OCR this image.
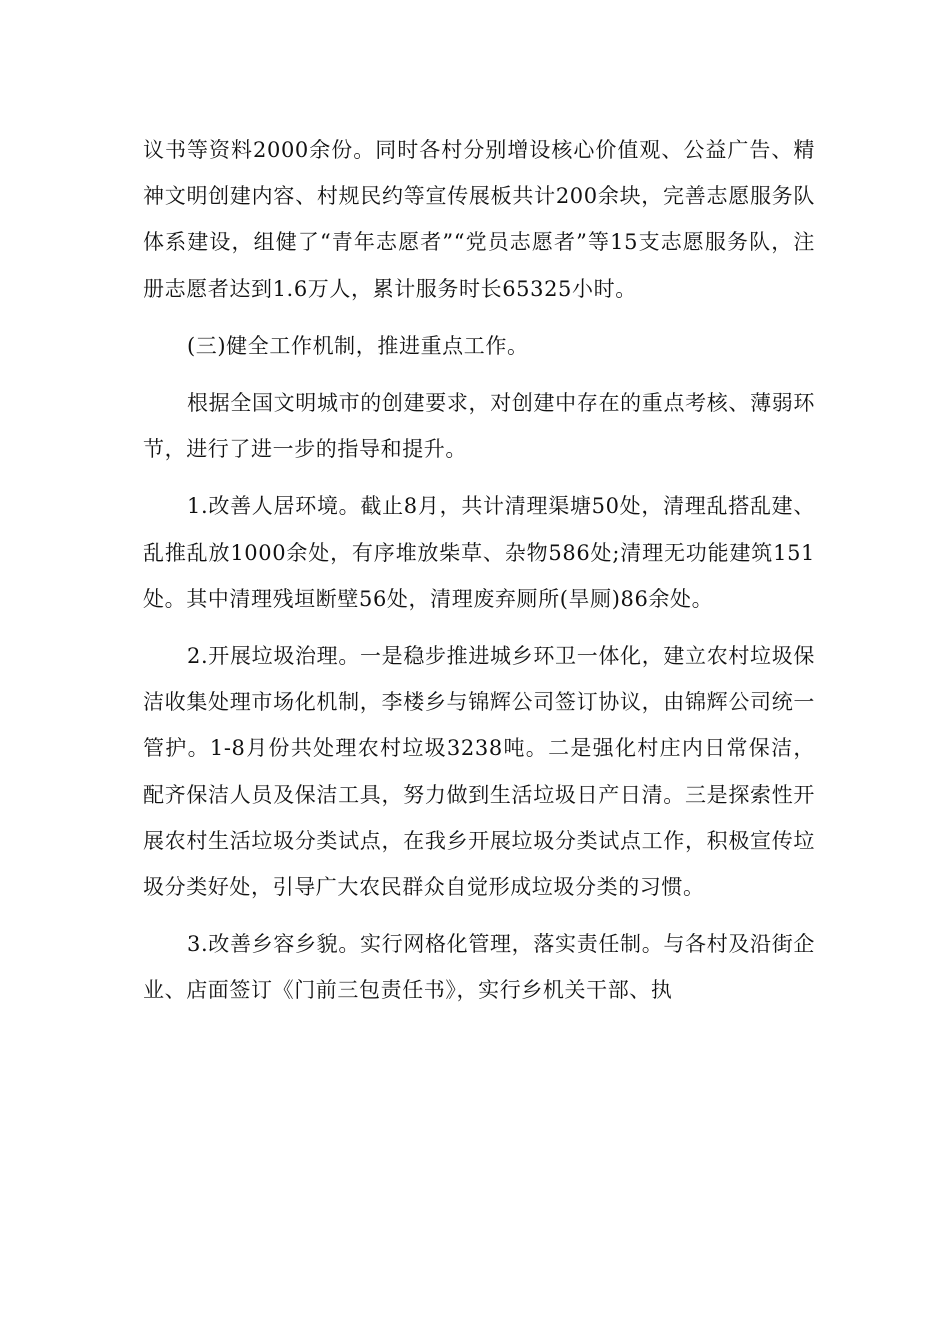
议书等资料2000余份。同时各村分别增设核心价值观、公益广告、精神文明创建内容、村规民约等宣传展板共计200余块，完善志愿服务队体系建设，组健了“青年志愿者”“党员志愿者”等15支志愿服务队，注册志愿者达到1.6万人，累计服务时长65325小时。

(三)健全工作机制，推进重点工作。

根据全国文明城市的创建要求，对创建中存在的重点考核、薄弱环节，进行了进一步的指导和提升。

1.改善人居环境。截止8月，共计清理渠塘50处，清理乱搭乱建、乱推乱放1000余处，有序堆放柴草、杂物586处;清理无功能建筑151处。其中清理残垣断壁56处，清理废弃厕所(旱厕)86余处。

2.开展垃圾治理。一是稳步推进城乡环卫一体化，建立农村垃圾保洁收集处理市场化机制，李楼乡与锦辉公司签订协议，由锦辉公司统一管护。1-8月份共处理农村垃圾3238吨。二是强化村庄内日常保洁，配齐保洁人员及保洁工具，努力做到生活垃圾日产日清。三是探索性开展农村生活垃圾分类试点，在我乡开展垃圾分类试点工作，积极宣传垃圾分类好处，引导广大农民群众自觉形成垃圾分类的习惯。

3.改善乡容乡貌。实行网格化管理，落实责任制。与各村及沿街企业、店面签订《门前三包责任书》，实行乡机关干部、执
